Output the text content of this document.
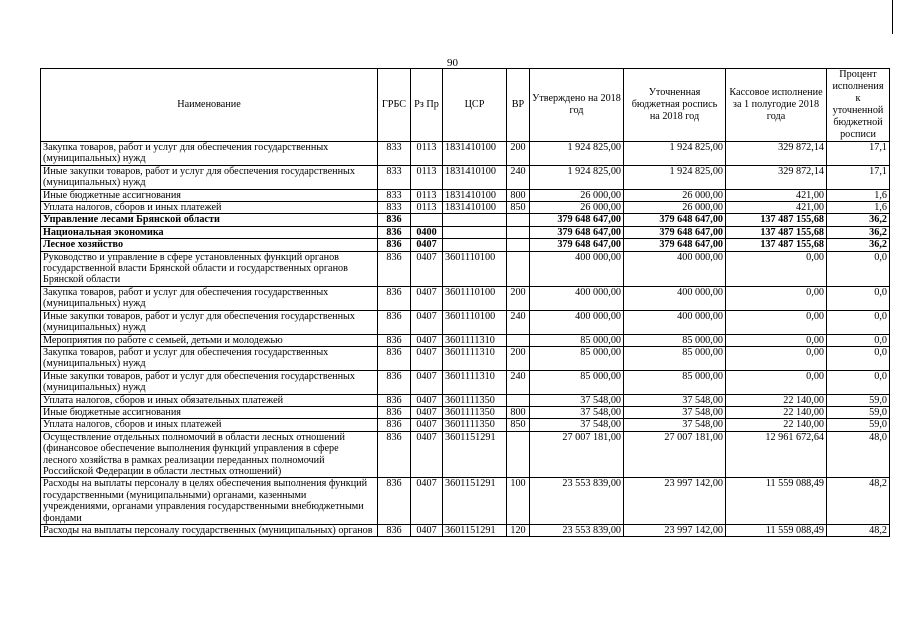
90
Наименование	ГРБС	Рз Пр	ЦСР	ВР	Утверждено на 2018 год	Уточненная бюджетная роспись на 2018 год	Кассовое исполнение за 1 полугодие 2018 года	Процент исполнения к уточненной бюджетной росписи
Закупка товаров, работ и услуг для обеспечения государственных (муниципальных) нужд	833	0113	1831410100	200	1 924 825,00	1 924 825,00	329 872,14	17,1
Иные закупки товаров, работ и услуг для обеспечения государственных (муниципальных) нужд	833	0113	1831410100	240	1 924 825,00	1 924 825,00	329 872,14	17,1
Иные бюджетные ассигнования	833	0113	1831410100	800	26 000,00	26 000,00	421,00	1,6
Уплата налогов, сборов и иных платежей	833	0113	1831410100	850	26 000,00	26 000,00	421,00	1,6
Управление лесами Брянской области	836				379 648 647,00	379 648 647,00	137 487 155,68	36,2
Национальная экономика	836	0400			379 648 647,00	379 648 647,00	137 487 155,68	36,2
Лесное хозяйство	836	0407			379 648 647,00	379 648 647,00	137 487 155,68	36,2
Руководство и управление в сфере установленных функций органов государственной власти Брянской области и государственных органов Брянской области	836	0407	3601110100		400 000,00	400 000,00	0,00	0,0
Закупка товаров, работ и услуг для обеспечения государственных (муниципальных) нужд	836	0407	3601110100	200	400 000,00	400 000,00	0,00	0,0
Иные закупки товаров, работ и услуг для обеспечения государственных (муниципальных) нужд	836	0407	3601110100	240	400 000,00	400 000,00	0,00	0,0
Мероприятия по работе с семьей, детьми и молодежью	836	0407	3601111310		85 000,00	85 000,00	0,00	0,0
Закупка товаров, работ и услуг для обеспечения государственных (муниципальных) нужд	836	0407	3601111310	200	85 000,00	85 000,00	0,00	0,0
Иные закупки товаров, работ и услуг для обеспечения государственных (муниципальных) нужд	836	0407	3601111310	240	85 000,00	85 000,00	0,00	0,0
Уплата налогов, сборов и иных обязательных платежей	836	0407	3601111350		37 548,00	37 548,00	22 140,00	59,0
Иные бюджетные ассигнования	836	0407	3601111350	800	37 548,00	37 548,00	22 140,00	59,0
Уплата налогов, сборов и иных платежей	836	0407	3601111350	850	37 548,00	37 548,00	22 140,00	59,0
Осуществление отдельных полномочий в области лесных отношений (финансовое обеспечение выполнения функций управления в сфере лесного хозяйства в рамках реализации переданных полномочий Российской Федерации в области лестных отношений)	836	0407	3601151291		27 007 181,00	27 007 181,00	12 961 672,64	48,0
Расходы на выплаты персоналу в целях обеспечения выполнения функций государственными (муниципальными) органами, казенными учреждениями, органами управления государственными внебюджетными фондами	836	0407	3601151291	100	23 553 839,00	23 997 142,00	11 559 088,49	48,2
Расходы на выплаты персоналу государственных (муниципальных) органов	836	0407	3601151291	120	23 553 839,00	23 997 142,00	11 559 088,49	48,2
